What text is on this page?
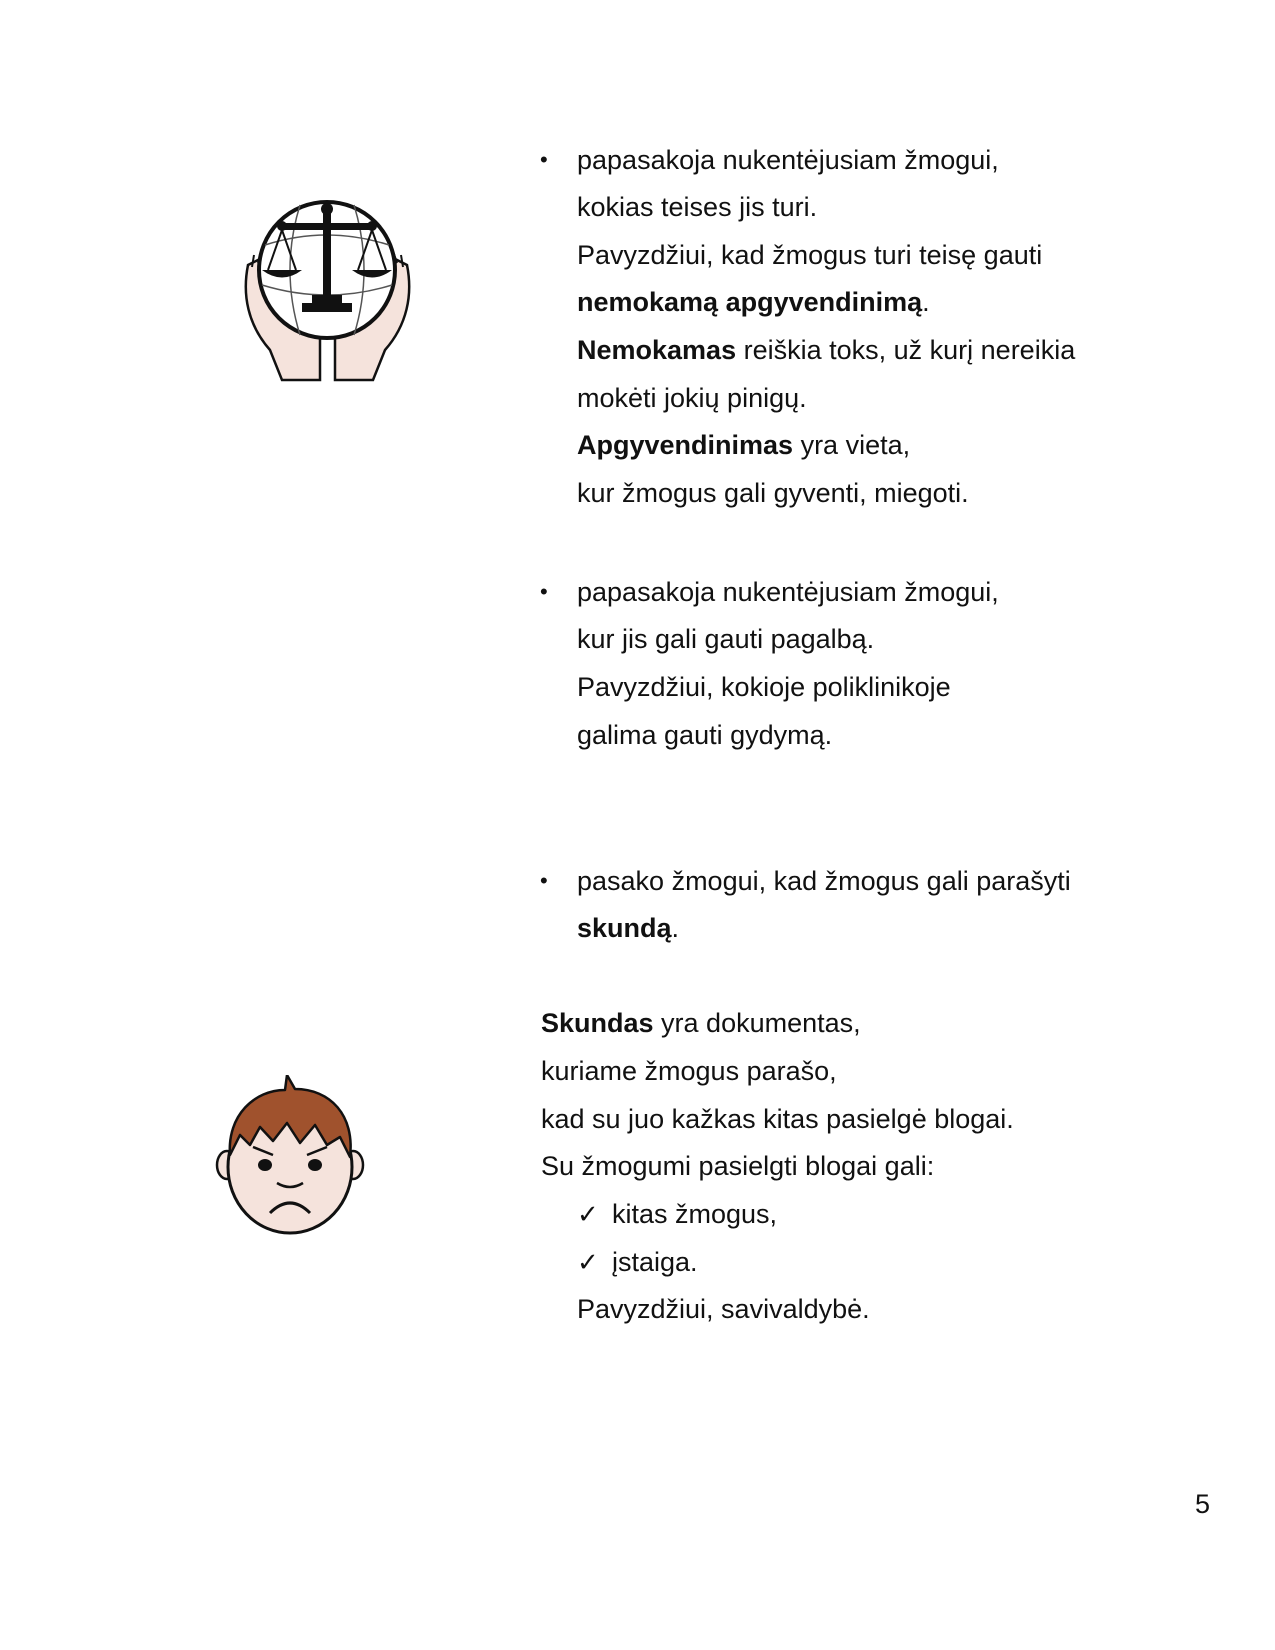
• papasakoja nukentėjusiam žmogui,
kokias teises jis turi.
Pavyzdžiui, kad žmogus turi teisę gauti
nemokamą apgyvendinimą.
Nemokamas reiškia toks, už kurį nereikia
mokėti jokių pinigų.
Apgyvendinimas yra vieta,
kur žmogus gali gyventi, miegoti.
• papasakoja nukentėjusiam žmogui,
kur jis gali gauti pagalbą.
Pavyzdžiui, kokioje poliklinikoje
galima gauti gydymą.
• pasako žmogui, kad žmogus gali parašyti
skundą.
Skundas yra dokumentas,
kuriame žmogus parašo,
kad su juo kažkas kitas pasielgė blogai.
Su žmogumi pasielgti blogai gali:
✓ kitas žmogus,
✓ įstaiga.
Pavyzdžiui, savivaldybė.
5
